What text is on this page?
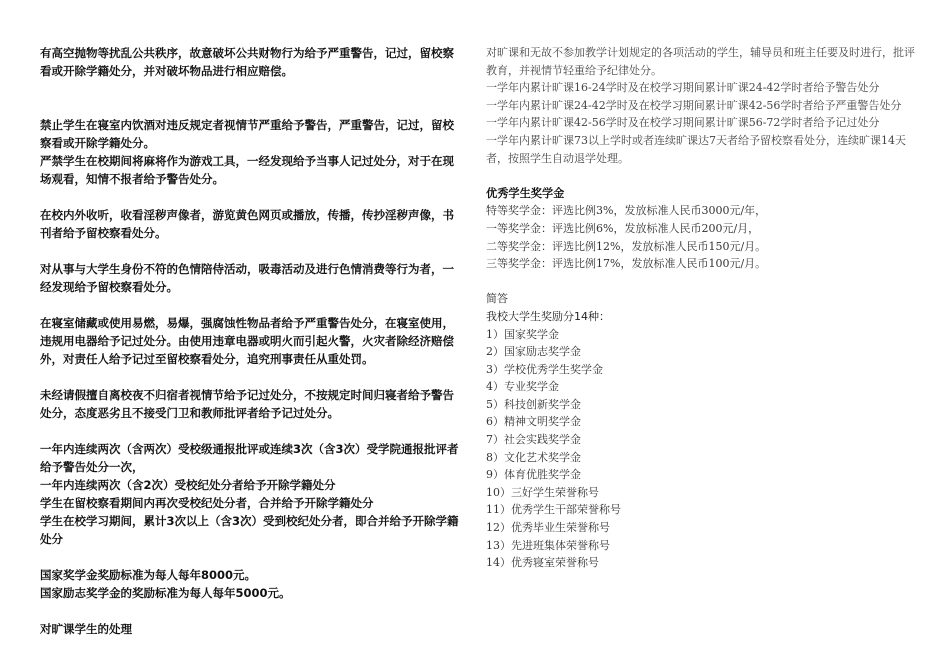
有高空抛物等扰乱公共秩序，故意破坏公共财物行为给予严重警告，记过，留校察看或开除学籍处分，并对破坏物品进行相应赔偿。

禁止学生在寝室内饮酒对违反规定者视情节严重给予警告，严重警告，记过，留校察看或开除学籍处分。

严禁学生在校期间将麻将作为游戏工具，一经发现给予当事人记过处分，对于在现场观看，知情不报者给予警告处分。

在校内外收听，收看淫秽声像者，游览黄色网页或播放，传播，传抄淫秽声像，书刊者给予留校察看处分。

对从事与大学生身份不符的色情陪侍活动，吸毒活动及进行色情消费等行为者，一经发现给予留校察看处分。

在寝室储藏或使用易燃，易爆，强腐蚀性物品者给予严重警告处分，在寝室使用，违规用电器给予记过处分。由使用违章电器或明火而引起火警，火灾者除经济赔偿外，对责任人给予记过至留校察看处分，追究刑事责任从重处罚。

未经请假擅自离校夜不归宿者视情节给予记过处分，不按规定时间归寝者给予警告处分，态度恶劣且不接受门卫和教师批评者给予记过处分。

一年内连续两次（含两次）受校级通报批评或连续3次（含3次）受学院通报批评者给予警告处分一次，

一年内连续两次（含2次）受校纪处分者给予开除学籍处分

学生在留校察看期间内再次受校纪处分者，合并给予开除学籍处分

学生在校学习期间，累计3次以上（含3次）受到校纪处分者，即合并给予开除学籍处分

国家奖学金奖励标准为每人每年8000元。

国家励志奖学金的奖励标准为每人每年5000元。

对旷课学生的处理

对旷课和无故不参加教学计划规定的各项活动的学生，辅导员和班主任要及时进行，批评教育，并视情节轻重给予纪律处分。

一学年内累计旷课16-24学时及在校学习期间累计旷课24-42学时者给予警告处分

一学年内累计旷课24-42学时及在校学习期间累计旷课42-56学时者给予严重警告处分

一学年内累计旷课42-56学时及在校学习期间累计旷课56-72学时者给予记过处分

一学年内累计旷课73以上学时或者连续旷课达7天者给予留校察看处分，连续旷课14天者，按照学生自动退学处理。

优秀学生奖学金

特等奖学金：评选比例3%，发放标准人民币3000元/年，

一等奖学金：评选比例6%，发放标准人民币200元/月，

二等奖学金：评选比例12%，发放标准人民币150元/月。

三等奖学金：评选比例17%，发放标准人民币100元/月。

简答

我校大学生奖励分14种：

1）国家奖学金

2）国家励志奖学金

3）学校优秀学生奖学金

4）专业奖学金

5）科技创新奖学金

6）精神文明奖学金

7）社会实践奖学金

8）文化艺术奖学金

9）体育优胜奖学金

10）三好学生荣誉称号

11）优秀学生干部荣誉称号

12）优秀毕业生荣誉称号

13）先进班集体荣誉称号

14）优秀寝室荣誉称号
